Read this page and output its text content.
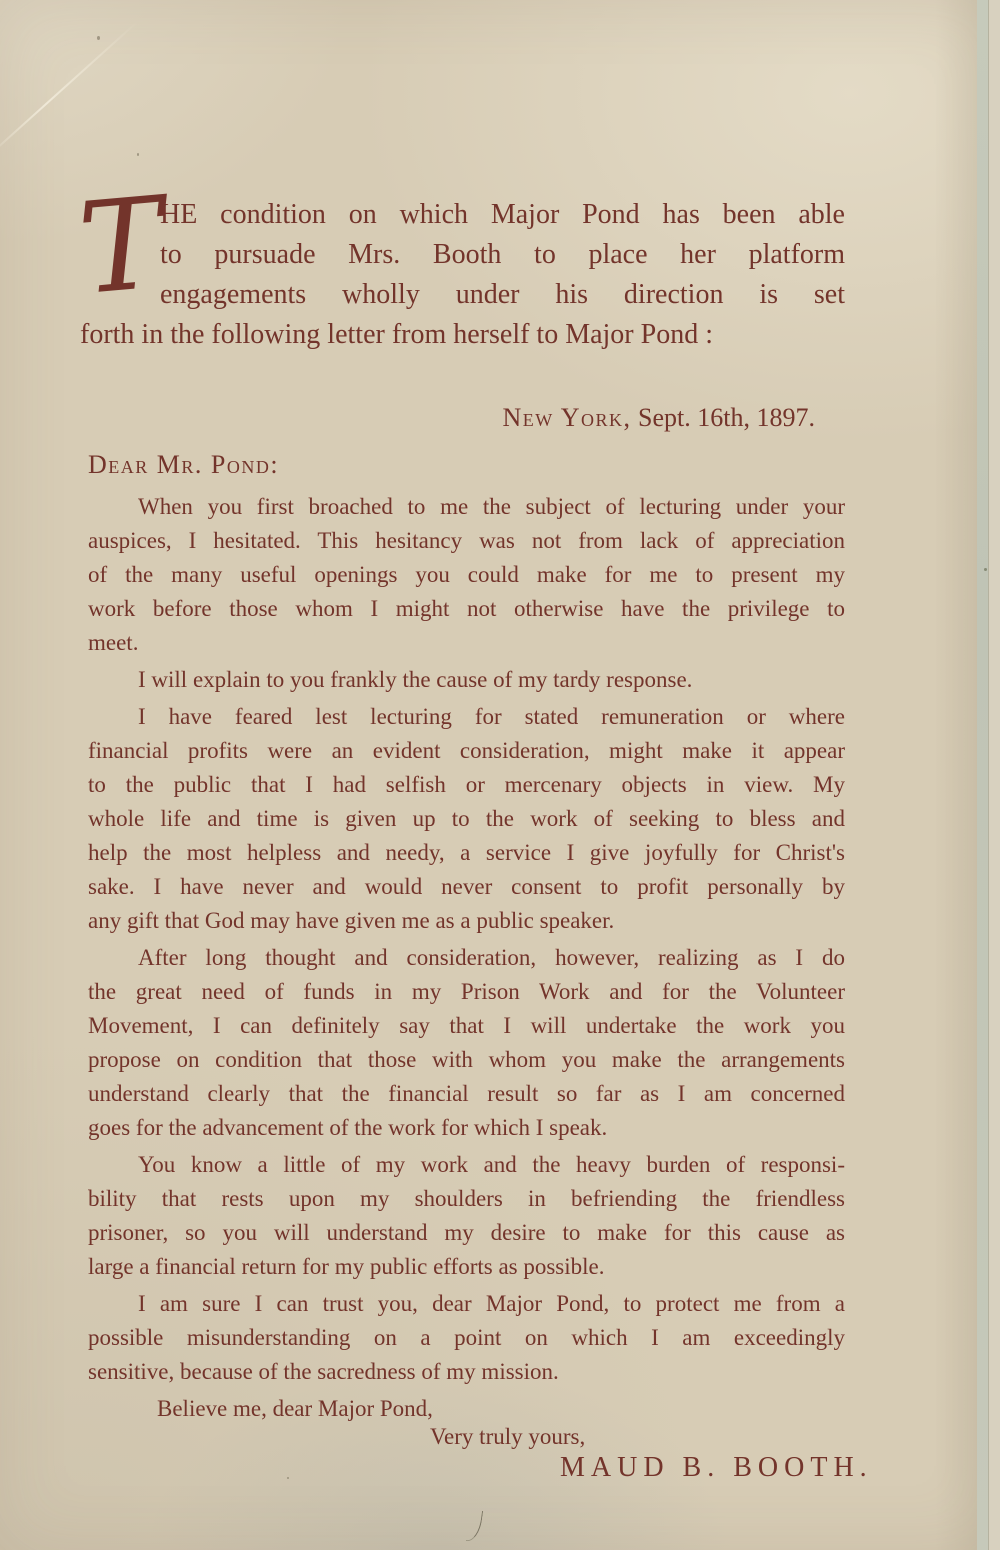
T
HE condition on which Major Pond has been able
to pursuade Mrs. Booth to place her platform
engagements wholly under his direction is set
forth in the following letter from herself to Major Pond :
New York, Sept. 16th, 1897.
Dear Mr. Pond:

When you first broached to me the subject of lecturing under your
auspices, I hesitated. This hesitancy was not from lack of appreciation
of the many useful openings you could make for me to present my
work before those whom I might not otherwise have the privilege to
meet.

I will explain to you frankly the cause of my tardy response.

I have feared lest lecturing for stated remuneration or where
financial profits were an evident consideration, might make it appear
to the public that I had selfish or mercenary objects in view. My
whole life and time is given up to the work of seeking to bless and
help the most helpless and needy, a service I give joyfully for Christ's
sake. I have never and would never consent to profit personally by
any gift that God may have given me as a public speaker.

After long thought and consideration, however, realizing as I do
the great need of funds in my Prison Work and for the Volunteer
Movement, I can definitely say that I will undertake the work you
propose on condition that those with whom you make the arrangements
understand clearly that the financial result so far as I am concerned
goes for the advancement of the work for which I speak.

You know a little of my work and the heavy burden of responsi-
bility that rests upon my shoulders in befriending the friendless
prisoner, so you will understand my desire to make for this cause as
large a financial return for my public efforts as possible.

I am sure I can trust you, dear Major Pond, to protect me from a
possible misunderstanding on a point on which I am exceedingly
sensitive, because of the sacredness of my mission.

Believe me, dear Major Pond,

Very truly yours,
MAUD B. BOOTH.
